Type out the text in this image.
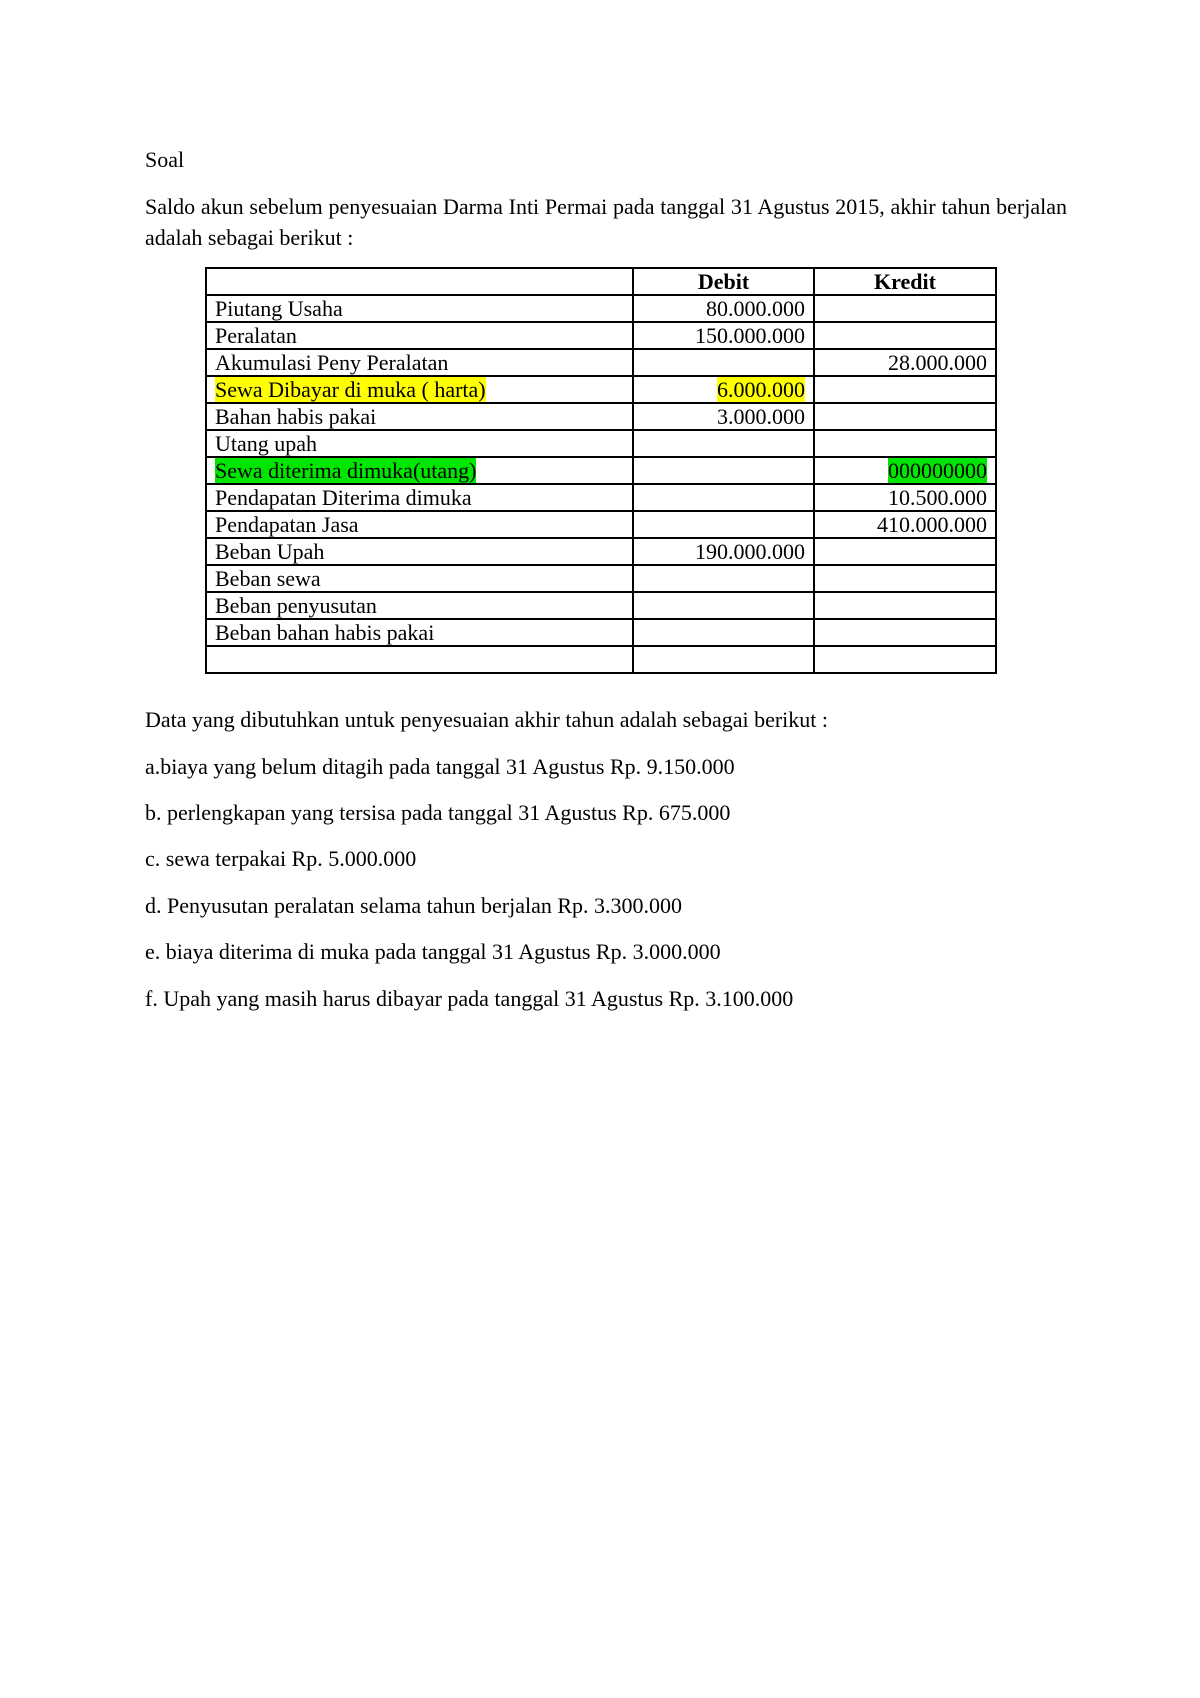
Soal
Saldo akun sebelum penyesuaian Darma Inti Permai pada tanggal 31 Agustus 2015, akhir tahun berjalan adalah sebagai berikut :
	Debit	Kredit
Piutang Usaha	80.000.000	
Peralatan	150.000.000	
Akumulasi Peny Peralatan		28.000.000
Sewa Dibayar di muka ( harta)	6.000.000	
Bahan habis pakai	3.000.000	
Utang upah		
Sewa diterima dimuka(utang)		000000000
Pendapatan Diterima dimuka		10.500.000
Pendapatan Jasa		410.000.000
Beban Upah	190.000.000	
Beban sewa		
Beban penyusutan		
Beban bahan habis pakai		

Data yang dibutuhkan untuk penyesuaian akhir tahun adalah sebagai berikut :
a.biaya yang belum ditagih pada tanggal 31 Agustus Rp. 9.150.000
b. perlengkapan yang tersisa pada tanggal 31 Agustus Rp. 675.000
c. sewa terpakai Rp. 5.000.000
d. Penyusutan peralatan selama tahun berjalan Rp. 3.300.000
e. biaya diterima di muka pada tanggal 31 Agustus Rp. 3.000.000
f. Upah yang masih harus dibayar pada tanggal 31 Agustus Rp. 3.100.000
